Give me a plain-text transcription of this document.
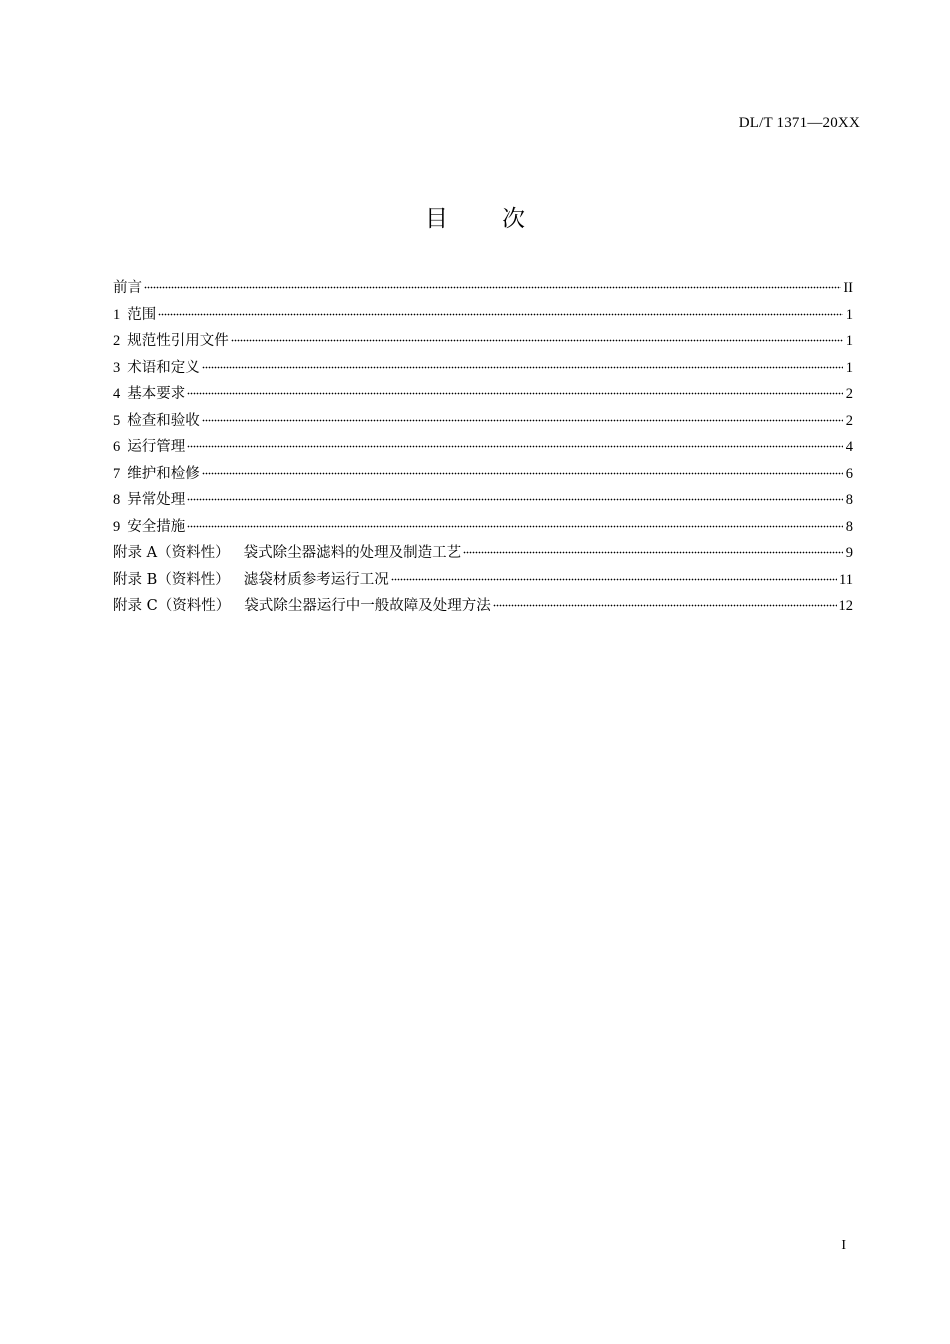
DL/T 1371—20XX
目 次
前言	II
1 范围	1
2 规范性引用文件	1
3 术语和定义	1
4 基本要求	2
5 检查和验收	2
6 运行管理	4
7 维护和检修	6
8 异常处理	8
9 安全措施	8
附录 A（资料性） 袋式除尘器滤料的处理及制造工艺	9
附录 B（资料性） 滤袋材质参考运行工况	11
附录 C（资料性） 袋式除尘器运行中一般故障及处理方法	12
I
